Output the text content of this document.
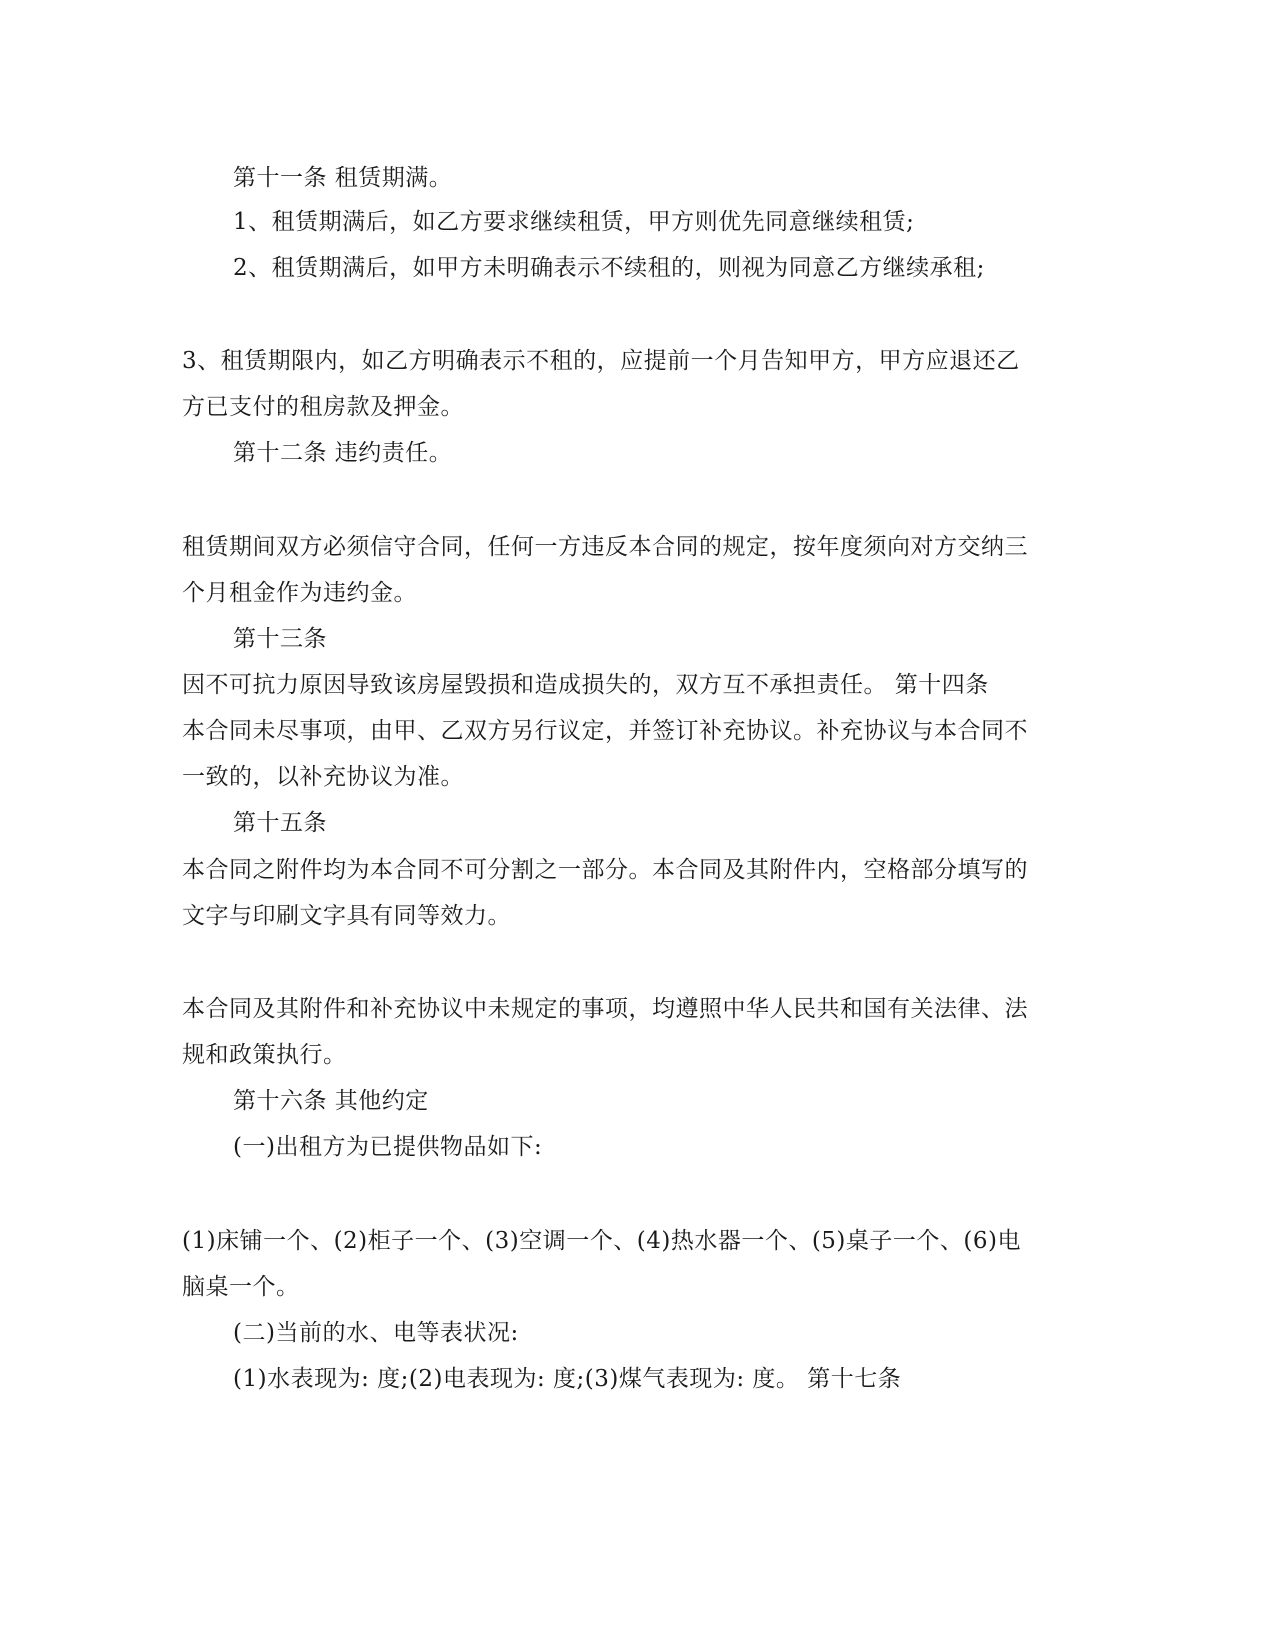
第十一条 租赁期满。
1、租赁期满后，如乙方要求继续租赁，甲方则优先同意继续租赁;
2、租赁期满后，如甲方未明确表示不续租的，则视为同意乙方继续承租;
3、租赁期限内，如乙方明确表示不租的，应提前一个月告知甲方，甲方应退还乙
方已支付的租房款及押金。
第十二条 违约责任。
租赁期间双方必须信守合同，任何一方违反本合同的规定，按年度须向对方交纳三
个月租金作为违约金。
第十三条
因不可抗力原因导致该房屋毁损和造成损失的，双方互不承担责任。 第十四条
本合同未尽事项，由甲、乙双方另行议定，并签订补充协议。补充协议与本合同不
一致的，以补充协议为准。
第十五条
本合同之附件均为本合同不可分割之一部分。本合同及其附件内，空格部分填写的
文字与印刷文字具有同等效力。
本合同及其附件和补充协议中未规定的事项，均遵照中华人民共和国有关法律、法
规和政策执行。
第十六条 其他约定
(一)出租方为已提供物品如下:
(1)床铺一个、(2)柜子一个、(3)空调一个、(4)热水器一个、(5)桌子一个、(6)电
脑桌一个。
(二)当前的水、电等表状况:
(1)水表现为: 度;(2)电表现为: 度;(3)煤气表现为: 度。 第十七条
